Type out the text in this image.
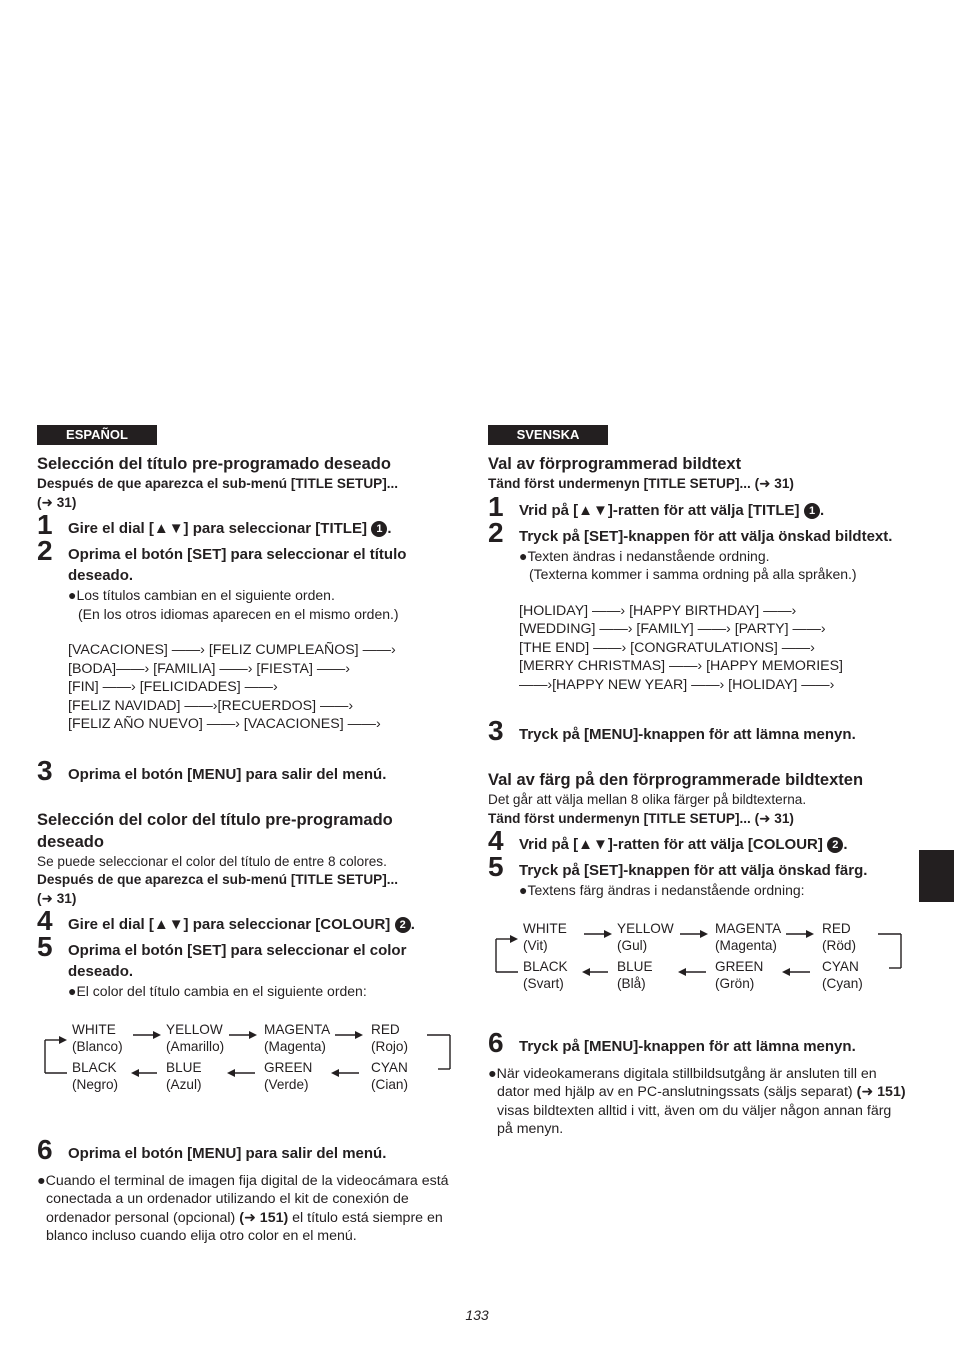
ESPAÑOL

Selección del título pre-programado deseado

Después de que aparezca el sub-menú [TITLE SETUP]...

(➜ 31)

1 Gire el dial [▲▼] para seleccionar [TITLE] 1 .
2 Oprima el botón [SET] para seleccionar el título deseado.
●Los títulos cambian en el siguiente orden.
(En los otros idiomas aparecen en el mismo orden.)
[VACACIONES] ——› [FELIZ CUMPLEAÑOS] ——›
[BODA]——› [FAMILIA] ——› [FIESTA] ——›
[FIN] ——› [FELICIDADES] ——›
[FELIZ NAVIDAD] ——›[RECUERDOS] ——›
[FELIZ AÑO NUEVO] ——› [VACACIONES] ——›
3 Oprima el botón [MENU] para salir del menú.

Selección del color del título pre-programado deseado

Se puede seleccionar el color del título de entre 8 colores.

Después de que aparezca el sub-menú [TITLE SETUP]...

(➜ 31)

4 Gire el dial [▲▼] para seleccionar [COLOUR] 2 .
5 Oprima el botón [SET] para seleccionar el color deseado.
●El color del título cambia en el siguiente orden:
WHITE
(Blanco)
YELLOW
(Amarillo)
MAGENTA
(Magenta)
RED
(Rojo)
BLACK
(Negro)
BLUE
(Azul)
GREEN
(Verde)
CYAN
(Cian)
6 Oprima el botón [MENU] para salir del menú.
●Cuando el terminal de imagen fija digital de la videocámara está conectada a un ordenador utilizando el kit de conexión de ordenador personal (opcional) (➜ 151) el título está siempre en blanco incluso cuando elija otro color en el menú.
SVENSKA

Val av förprogrammerad bildtext

Tänd först undermenyn [TITLE SETUP]... (➜ 31)

1 Vrid på [▲▼]-ratten för att välja [TITLE] 1 .
2 Tryck på [SET]-knappen för att välja önskad bildtext.
●Texten ändras i nedanstående ordning.
(Texterna kommer i samma ordning på alla språken.)
[HOLIDAY] ——› [HAPPY BIRTHDAY] ——›
[WEDDING] ——› [FAMILY] ——› [PARTY] ——›
[THE END] ——› [CONGRATULATIONS] ——›
[MERRY CHRISTMAS] ——› [HAPPY MEMORIES]
——›[HAPPY NEW YEAR] ——› [HOLIDAY] ——›
3 Tryck på [MENU]-knappen för att lämna menyn.

Val av färg på den förprogrammerade bildtexten

Det går att välja mellan 8 olika färger på bildtexterna.

Tänd först undermenyn [TITLE SETUP]... (➜ 31)

4 Vrid på [▲▼]-ratten för att välja [COLOUR] 2 .
5 Tryck på [SET]-knappen för att välja önskad färg.
●Textens färg ändras i nedanstående ordning:
WHITE
(Vit)
YELLOW
(Gul)
MAGENTA
(Magenta)
RED
(Röd)
BLACK
(Svart)
BLUE
(Blå)
GREEN
(Grön)
CYAN
(Cyan)
6 Tryck på [MENU]-knappen för att lämna menyn.
●När videokamerans digitala stillbildsutgång är ansluten till en dator med hjälp av en PC-anslutningssats (säljs separat) (➜ 151) visas bildtexten alltid i vitt, även om du väljer någon annan färg på menyn.
133
